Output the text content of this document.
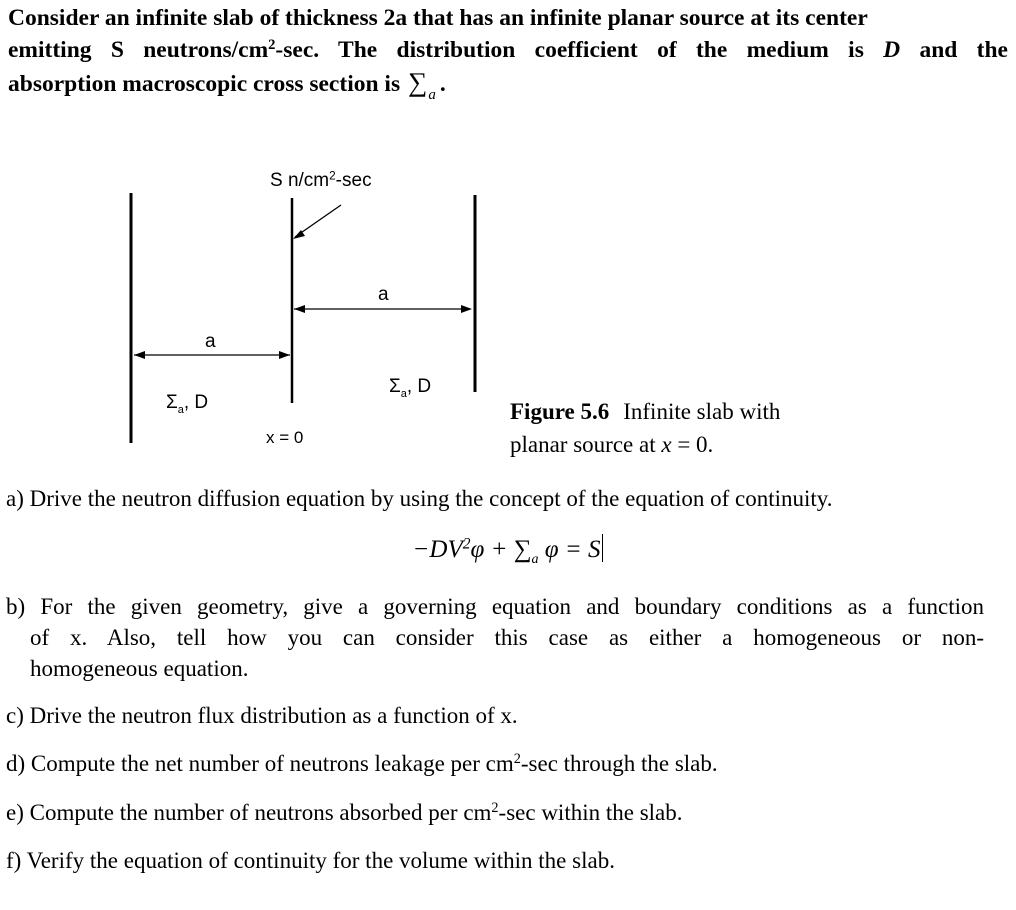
Consider an infinite slab of thickness 2a that has an infinite planar source at its center
emitting S neutrons/$cm^2-\sec$. The distribution coefficient of the medium is D and the
absorption macroscopic cross section is $\sum_a$ .
S $n/cm^2-\sec$
a
a
$\Sigma_a$, D
$\Sigma_a$, D
x = 0
Figure 5.6 Infinite slab with
planar source at x = 0.
a) Drive the neutron diffusion equation by using the concept of the equation of continuity.
$-DV^2\varphi + \sum_a$ φ = S
b) For the given geometry, give a governing equation and boundary conditions as a function
of x. Also, tell how you can consider this case as either a homogeneous or non-
homogeneous equation.
c) Drive the neutron flux distribution as a function of x.
d) Compute the net number of neutrons leakage per $cm^2-\sec$ through the slab.
e) Compute the number of neutrons absorbed per $cm^2-\sec$ within the slab.
f) Verify the equation of continuity for the volume within the slab.
